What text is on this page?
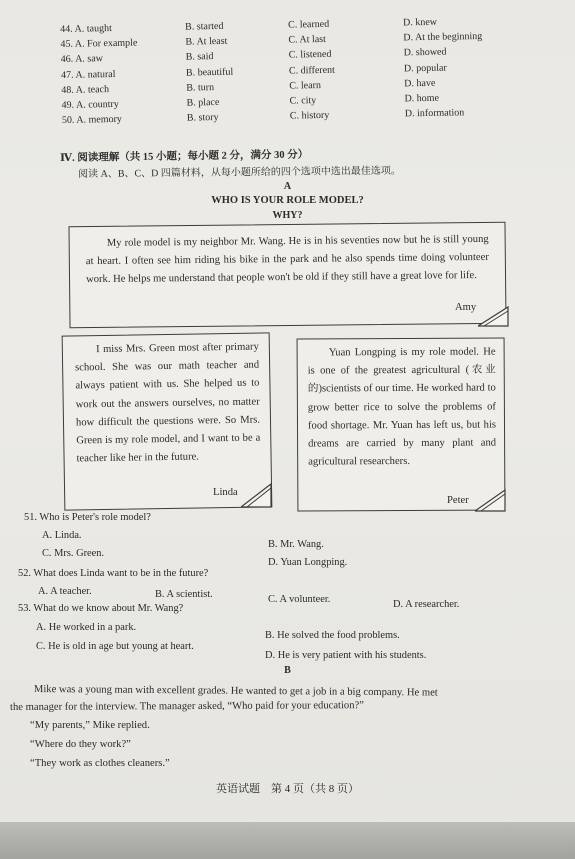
44. A. taught	B. started	C. learned	D. knew
45. A. For example	B. At least	C. At last	D. At the beginning
46. A. saw	B. said	C. listened	D. showed
47. A. natural	B. beautiful	C. different	D. popular
48. A. teach	B. turn	C. learn	D. have
49. A. country	B. place	C. city	D. home
50. A. memory	B. story	C. history	D. information
Ⅳ. 阅读理解（共 15 小题；每小题 2 分，满分 30 分）
阅读 A、B、C、D 四篇材料，从每小题所给的四个选项中选出最佳选项。
A
WHO IS YOUR ROLE MODEL?
WHY?

My role model is my neighbor Mr. Wang. He is in his seventies now but he is still young at heart. I often see him riding his bike in the park and he also spends time doing volunteer work. He helps me understand that people won't be old if they still have a great love for life.

Amy

I miss Mrs. Green most after primary school. She was our math teacher and always patient with us. She helped us to work out the answers ourselves, no matter how difficult the questions were. So Mrs. Green is my role model, and I want to be a teacher like her in the future.

Linda

Yuan Longping is my role model. He is one of the greatest agricultural (农业的)scientists of our time. He worked hard to grow better rice to solve the problems of food shortage. Mr. Yuan has left us, but his dreams are carried by many plant and agricultural researchers.

Peter
51. Who is Peter's role model?
A. Linda.
B. Mr. Wang.
C. Mrs. Green.
D. Yuan Longping.
52. What does Linda want to be in the future?
A. A teacher.	B. A scientist.	C. A volunteer.	D. A researcher.
53. What do we know about Mr. Wang?
A. He worked in a park.
B. He solved the food problems.
C. He is old in age but young at heart.
D. He is very patient with his students.
B
Mike was a young man with excellent grades. He wanted to get a job in a big company. He met
the manager for the interview. The manager asked, “Who paid for your education?”
“My parents,” Mike replied.
“Where do they work?”
“They work as clothes cleaners.”
英语试题　第 4 页（共 8 页）
